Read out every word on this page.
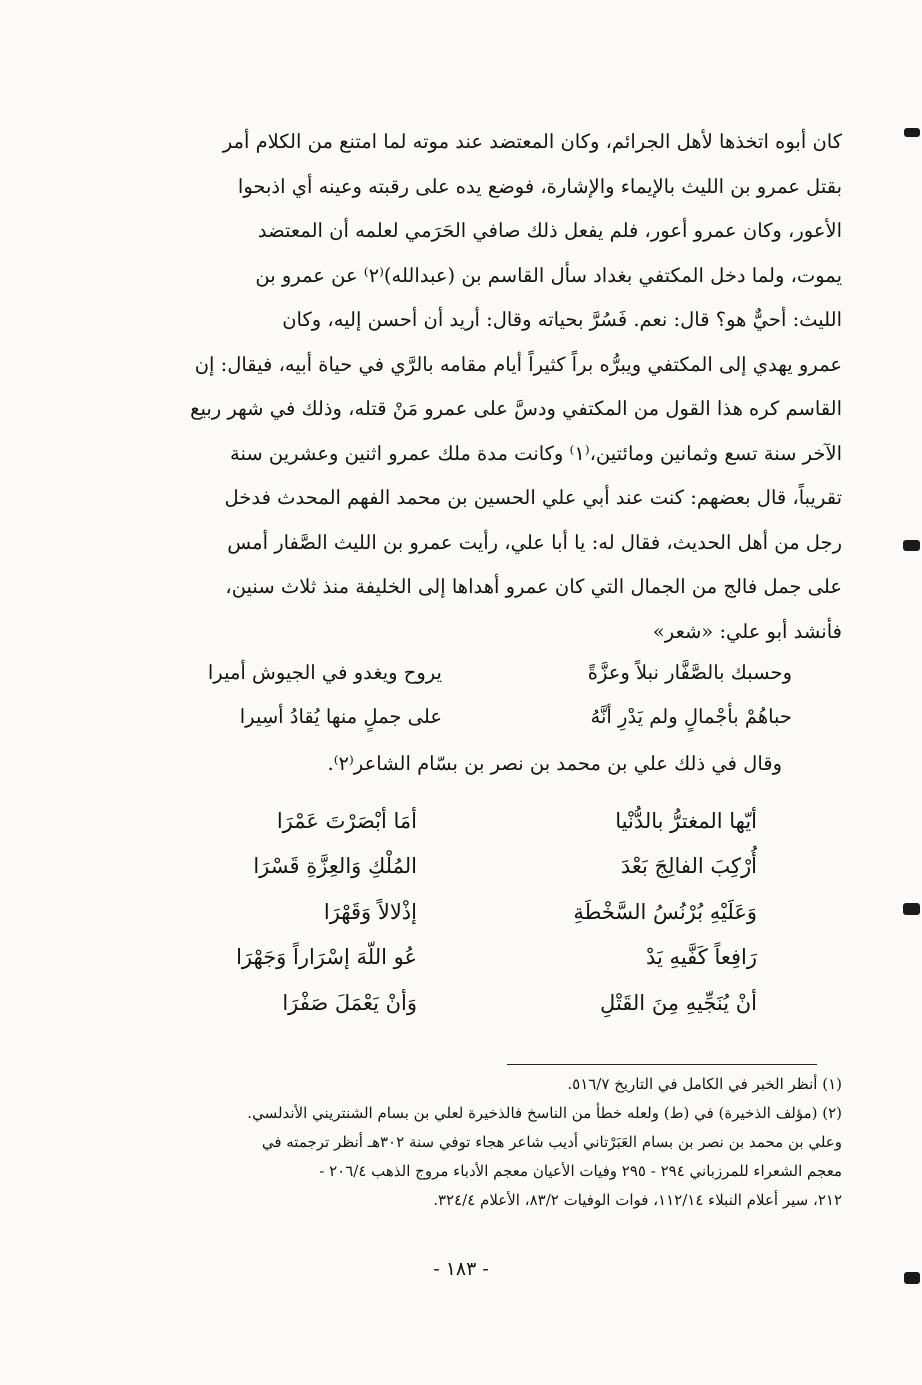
كان أبوه اتخذها لأهل الجرائم، وكان المعتضد عند موته لما امتنع من الكلام أمر

بقتل عمرو بن الليث بالإيماء والإشارة، فوضع يده على رقبته وعينه أي اذبحوا

الأعور، وكان عمرو أعور، فلم يفعل ذلك صافي الحَرَمي لعلمه أن المعتضد

يموت، ولما دخل المكتفي بغداد سأل القاسم بن (عبدالله)⁽٢⁾ عن عمرو بن

الليث: أحيٌّ هو؟ قال: نعم. فَسُرَّ بحياته وقال: أريد أن أحسن إليه، وكان

عمرو يهدي إلى المكتفي ويبرُّه براً كثيراً أيام مقامه بالرَّي في حياة أبيه، فيقال: إن

القاسم كره هذا القول من المكتفي ودسَّ على عمرو مَنْ قتله، وذلك في شهر ربيع

الآخر سنة تسع وثمانين ومائتين،⁽١⁾ وكانت مدة ملك عمرو اثنين وعشرين سنة

تقريباً، قال بعضهم: كنت عند أبي علي الحسين بن محمد الفهم المحدث فدخل

رجل من أهل الحديث، فقال له: يا أبا علي، رأيت عمرو بن الليث الصَّفار أمس

على جمل فالج من الجمال التي كان عمرو أهداها إلى الخليفة منذ ثلاث سنين،

فأنشد أبو علي: «شعر»

وحسبك بالصَّفَّار نبلاً وعزَّةً
يروح ويغدو في الجيوش أميرا
حباهُمْ بأجْمالٍ ولم يَدْرِ أنَّهُ
على جملٍ منها يُقادُ أسِيرا
وقال في ذلك علي بن محمد بن نصر بن بسّام الشاعر⁽٢⁾.
أيّها المغترُّ بالدُّنْيا
أمَا أبْصَرْتَ عَمْرَا
أُرْكِبَ الفالِجَ بَعْدَ
المُلْكِ وَالعِزَّةِ قَسْرَا
وَعَلَيْهِ بُرْنُسُ السَّخْطَةِ
إذْلالاً وَقَهْرَا
رَافِعاً كَفَّيهِ يَدْ
عُو اللّهَ إسْرَاراً وَجَهْرَا
أنْ يُنَجِّيهِ مِنَ القَتْلِ
وَأنْ يَعْمَلَ صَفْرَا

(١) أنظر الخبر في الكامل في التاريخ ٥١٦/٧.

(٢) (مؤلف الذخيرة) في (ط) ولعله خطأ من الناسخ فالذخيرة لعلي بن بسام الشنتريني الأندلسي.

وعلي بن محمد بن نصر بن بسام العَبَرْتاني أديب شاعر هجاء توفي سنة ٣٠٢هـ أنظر ترجمته في

معجم الشعراء للمرزباني ٢٩٤ - ٢٩٥ وفيات الأعيان معجم الأدباء مروج الذهب ٢٠٦/٤ -

٢١٢، سير أعلام النبلاء ١١٢/١٤، فوات الوفيات ٨٣/٢، الأعلام ٣٢٤/٤.

- ١٨٣ -
